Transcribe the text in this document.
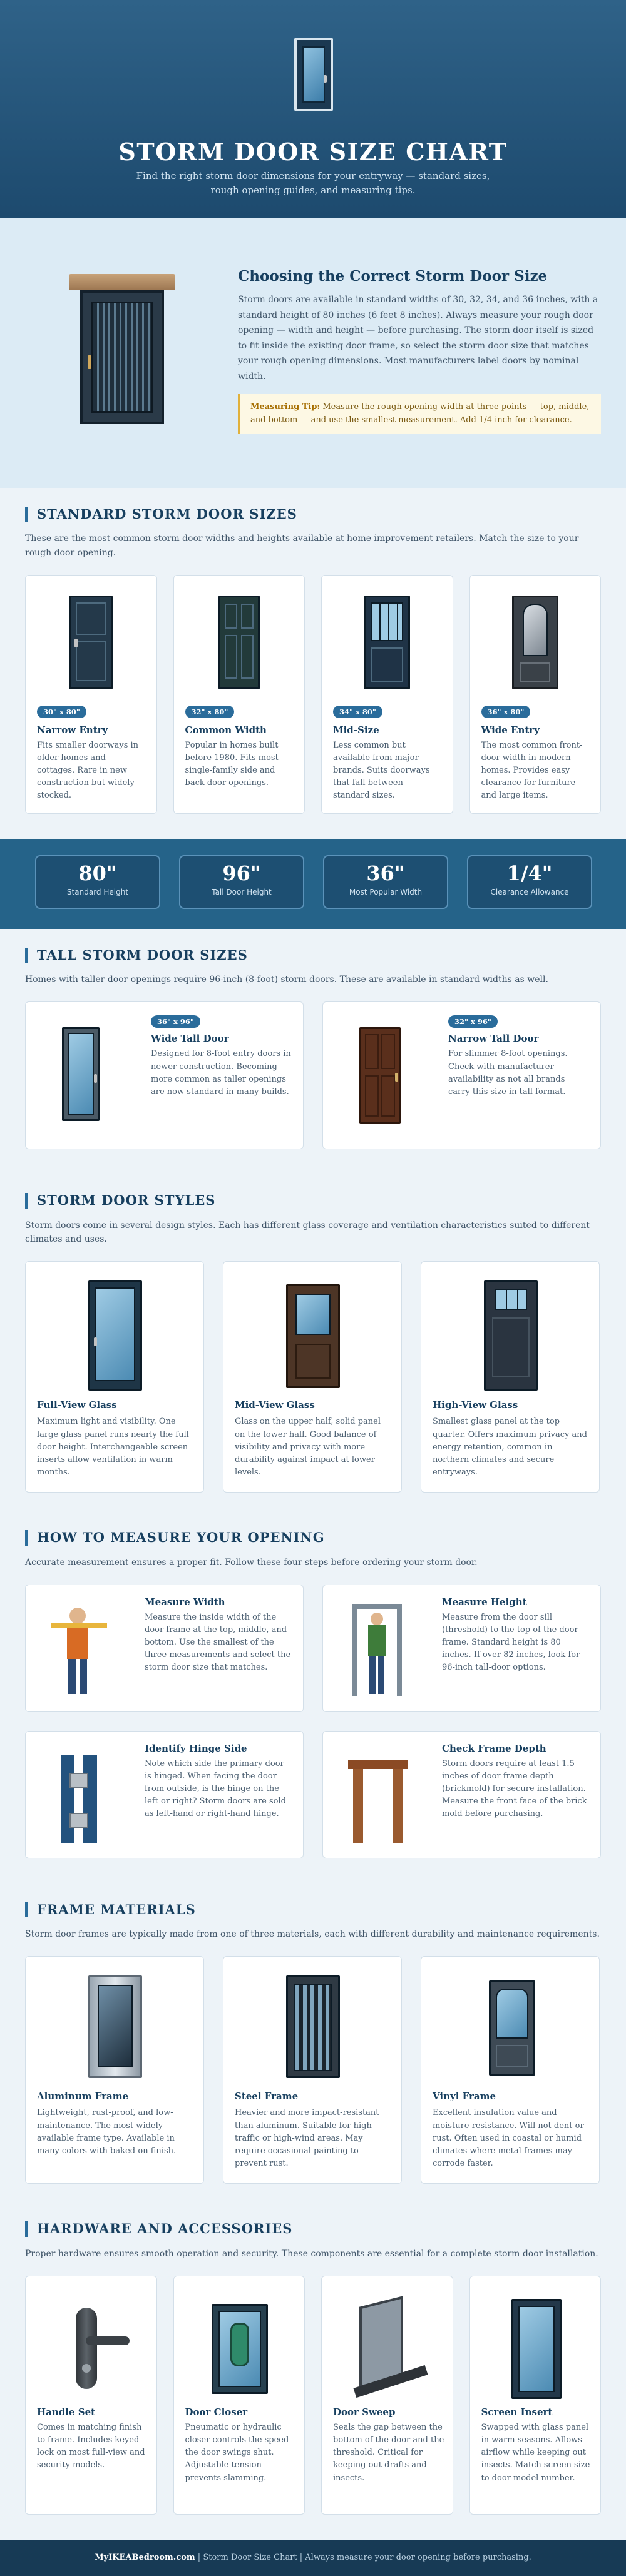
STORM DOOR SIZE CHART

Find the right storm door dimensions for your entryway — standard sizes, rough opening guides, and measuring tips.

Choosing the Correct Storm Door Size

Storm doors are available in standard widths of 30, 32, 34, and 36 inches, with a standard height of 80 inches (6 feet 8 inches). Always measure your rough door opening — width and height — before purchasing. The storm door itself is sized to fit inside the existing door frame, so select the storm door size that matches your rough opening dimensions. Most manufacturers label doors by nominal width.

Measuring Tip: Measure the rough opening width at three points — top, middle, and bottom — and use the smallest measurement. Add 1/4 inch for clearance.
STANDARD STORM DOOR SIZES

These are the most common storm door widths and heights available at home improvement retailers. Match the size to your rough door opening.

30" x 80"
Narrow Entry
Fits smaller doorways in older homes and cottages. Rare in new construction but widely stocked.
32" x 80"
Common Width
Popular in homes built before 1980. Fits most single-family side and back door openings.
34" x 80"
Mid-Size
Less common but available from major brands. Suits doorways that fall between standard sizes.
36" x 80"
Wide Entry
The most common front-door width in modern homes. Provides easy clearance for furniture and large items.
80"
Standard Height
96"
Tall Door Height
36"
Most Popular Width
1/4"
Clearance Allowance
TALL STORM DOOR SIZES

Homes with taller door openings require 96-inch (8-foot) storm doors. These are available in standard widths as well.

36" x 96"
Wide Tall Door
Designed for 8-foot entry doors in newer construction. Becoming more common as taller openings are now standard in many builds.
32" x 96"
Narrow Tall Door
For slimmer 8-foot openings. Check with manufacturer availability as not all brands carry this size in tall format.
STORM DOOR STYLES

Storm doors come in several design styles. Each has different glass coverage and ventilation characteristics suited to different climates and uses.

Full-View Glass
Maximum light and visibility. One large glass panel runs nearly the full door height. Interchangeable screen inserts allow ventilation in warm months.
Mid-View Glass
Glass on the upper half, solid panel on the lower half. Good balance of visibility and privacy with more durability against impact at lower levels.
High-View Glass
Smallest glass panel at the top quarter. Offers maximum privacy and energy retention, common in northern climates and secure entryways.
HOW TO MEASURE YOUR OPENING

Accurate measurement ensures a proper fit. Follow these four steps before ordering your storm door.

Measure Width
Measure the inside width of the door frame at the top, middle, and bottom. Use the smallest of the three measurements and select the storm door size that matches.
Measure Height
Measure from the door sill (threshold) to the top of the door frame. Standard height is 80 inches. If over 82 inches, look for 96-inch tall-door options.
Identify Hinge Side
Note which side the primary door is hinged. When facing the door from outside, is the hinge on the left or right? Storm doors are sold as left-hand or right-hand hinge.
Check Frame Depth
Storm doors require at least 1.5 inches of door frame depth (brickmold) for secure installation. Measure the front face of the brick mold before purchasing.
FRAME MATERIALS

Storm door frames are typically made from one of three materials, each with different durability and maintenance requirements.

Aluminum Frame
Lightweight, rust-proof, and low-maintenance. The most widely available frame type. Available in many colors with baked-on finish.
Steel Frame
Heavier and more impact-resistant than aluminum. Suitable for high-traffic or high-wind areas. May require occasional painting to prevent rust.
Vinyl Frame
Excellent insulation value and moisture resistance. Will not dent or rust. Often used in coastal or humid climates where metal frames may corrode faster.
HARDWARE AND ACCESSORIES

Proper hardware ensures smooth operation and security. These components are essential for a complete storm door installation.

Handle Set
Comes in matching finish to frame. Includes keyed lock on most full-view and security models.
Door Closer
Pneumatic or hydraulic closer controls the speed the door swings shut. Adjustable tension prevents slamming.
Door Sweep
Seals the gap between the bottom of the door and the threshold. Critical for keeping out drafts and insects.
Screen Insert
Swapped with glass panel in warm seasons. Allows airflow while keeping out insects. Match screen size to door model number.
MyIKEABedroom.com | Storm Door Size Chart | Always measure your door opening before purchasing.
